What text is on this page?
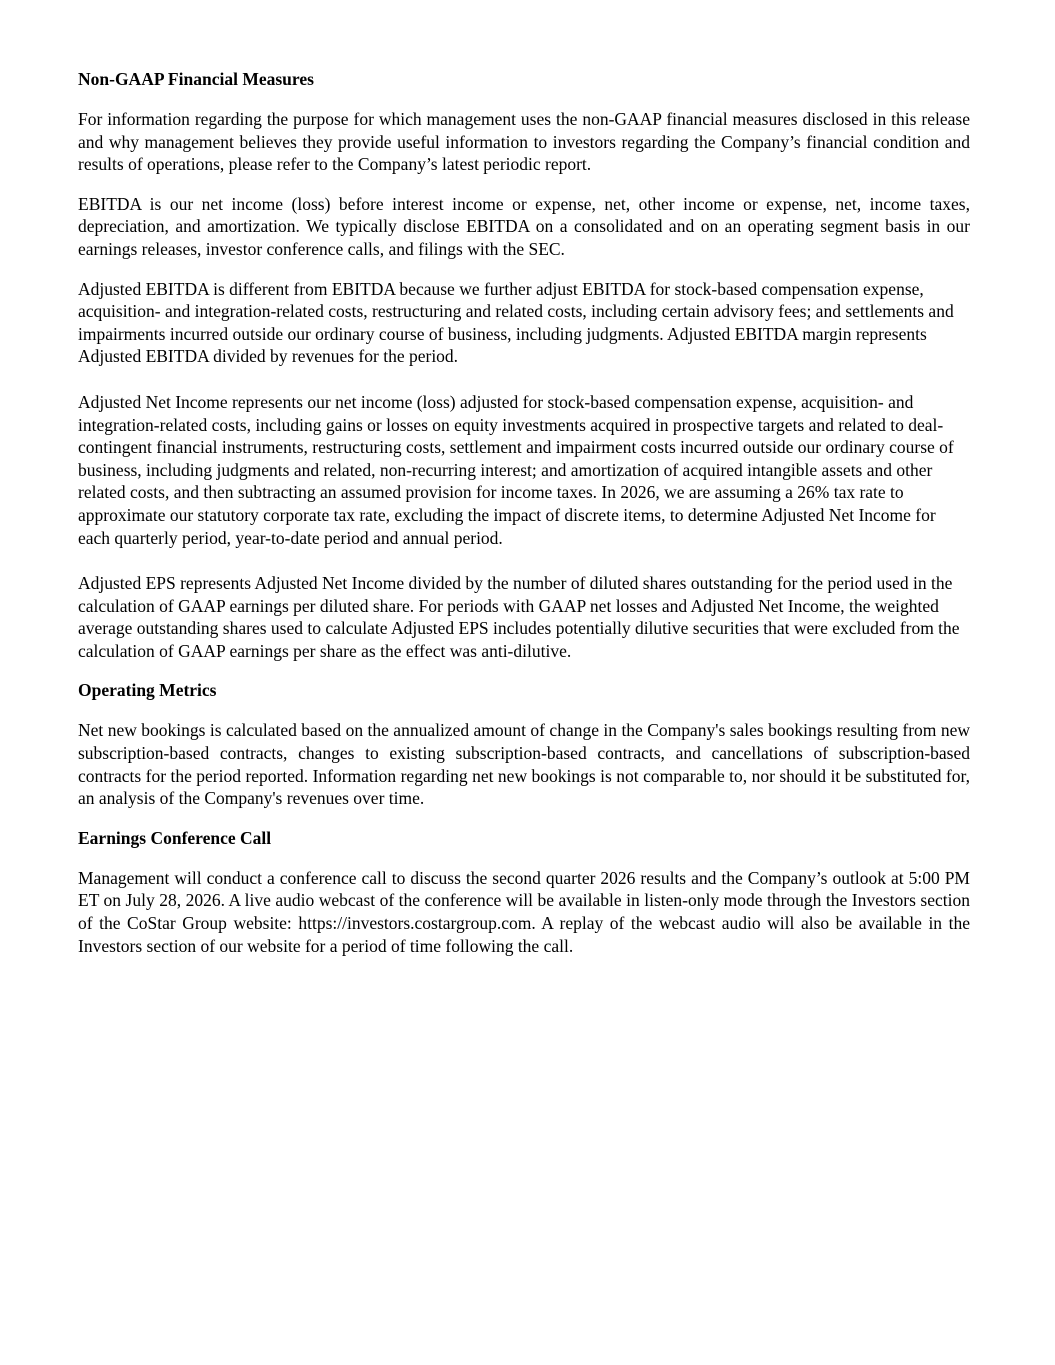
Non-GAAP Financial Measures
For information regarding the purpose for which management uses the non-GAAP financial measures disclosed in this release and why management believes they provide useful information to investors regarding the Company’s financial condition and results of operations, please refer to the Company’s latest periodic report.
EBITDA is our net income (loss) before interest income or expense, net, other income or expense, net, income taxes, depreciation, and amortization. We typically disclose EBITDA on a consolidated and on an operating segment basis in our earnings releases, investor conference calls, and filings with the SEC.
Adjusted EBITDA is different from EBITDA because we further adjust EBITDA for stock-based compensation expense, acquisition- and integration-related costs, restructuring and related costs, including certain advisory fees; and settlements and impairments incurred outside our ordinary course of business, including judgments. Adjusted EBITDA margin represents Adjusted EBITDA divided by revenues for the period.
Adjusted Net Income represents our net income (loss) adjusted for stock-based compensation expense, acquisition- and integration-related costs, including gains or losses on equity investments acquired in prospective targets and related to deal-contingent financial instruments, restructuring costs, settlement and impairment costs incurred outside our ordinary course of business, including judgments and related, non-recurring interest; and amortization of acquired intangible assets and other related costs, and then subtracting an assumed provision for income taxes. In 2026, we are assuming a 26% tax rate to approximate our statutory corporate tax rate, excluding the impact of discrete items, to determine Adjusted Net Income for each quarterly period, year-to-date period and annual period.
Adjusted EPS represents Adjusted Net Income divided by the number of diluted shares outstanding for the period used in the calculation of GAAP earnings per diluted share. For periods with GAAP net losses and Adjusted Net Income, the weighted average outstanding shares used to calculate Adjusted EPS includes potentially dilutive securities that were excluded from the calculation of GAAP earnings per share as the effect was anti-dilutive.
Operating Metrics
Net new bookings is calculated based on the annualized amount of change in the Company's sales bookings resulting from new subscription-based contracts, changes to existing subscription-based contracts, and cancellations of subscription-based contracts for the period reported. Information regarding net new bookings is not comparable to, nor should it be substituted for, an analysis of the Company's revenues over time.
Earnings Conference Call
Management will conduct a conference call to discuss the second quarter 2026 results and the Company’s outlook at 5:00 PM ET on July 28, 2026. A live audio webcast of the conference will be available in listen-only mode through the Investors section of the CoStar Group website: https://investors.costargroup.com. A replay of the webcast audio will also be available in the Investors section of our website for a period of time following the call.
